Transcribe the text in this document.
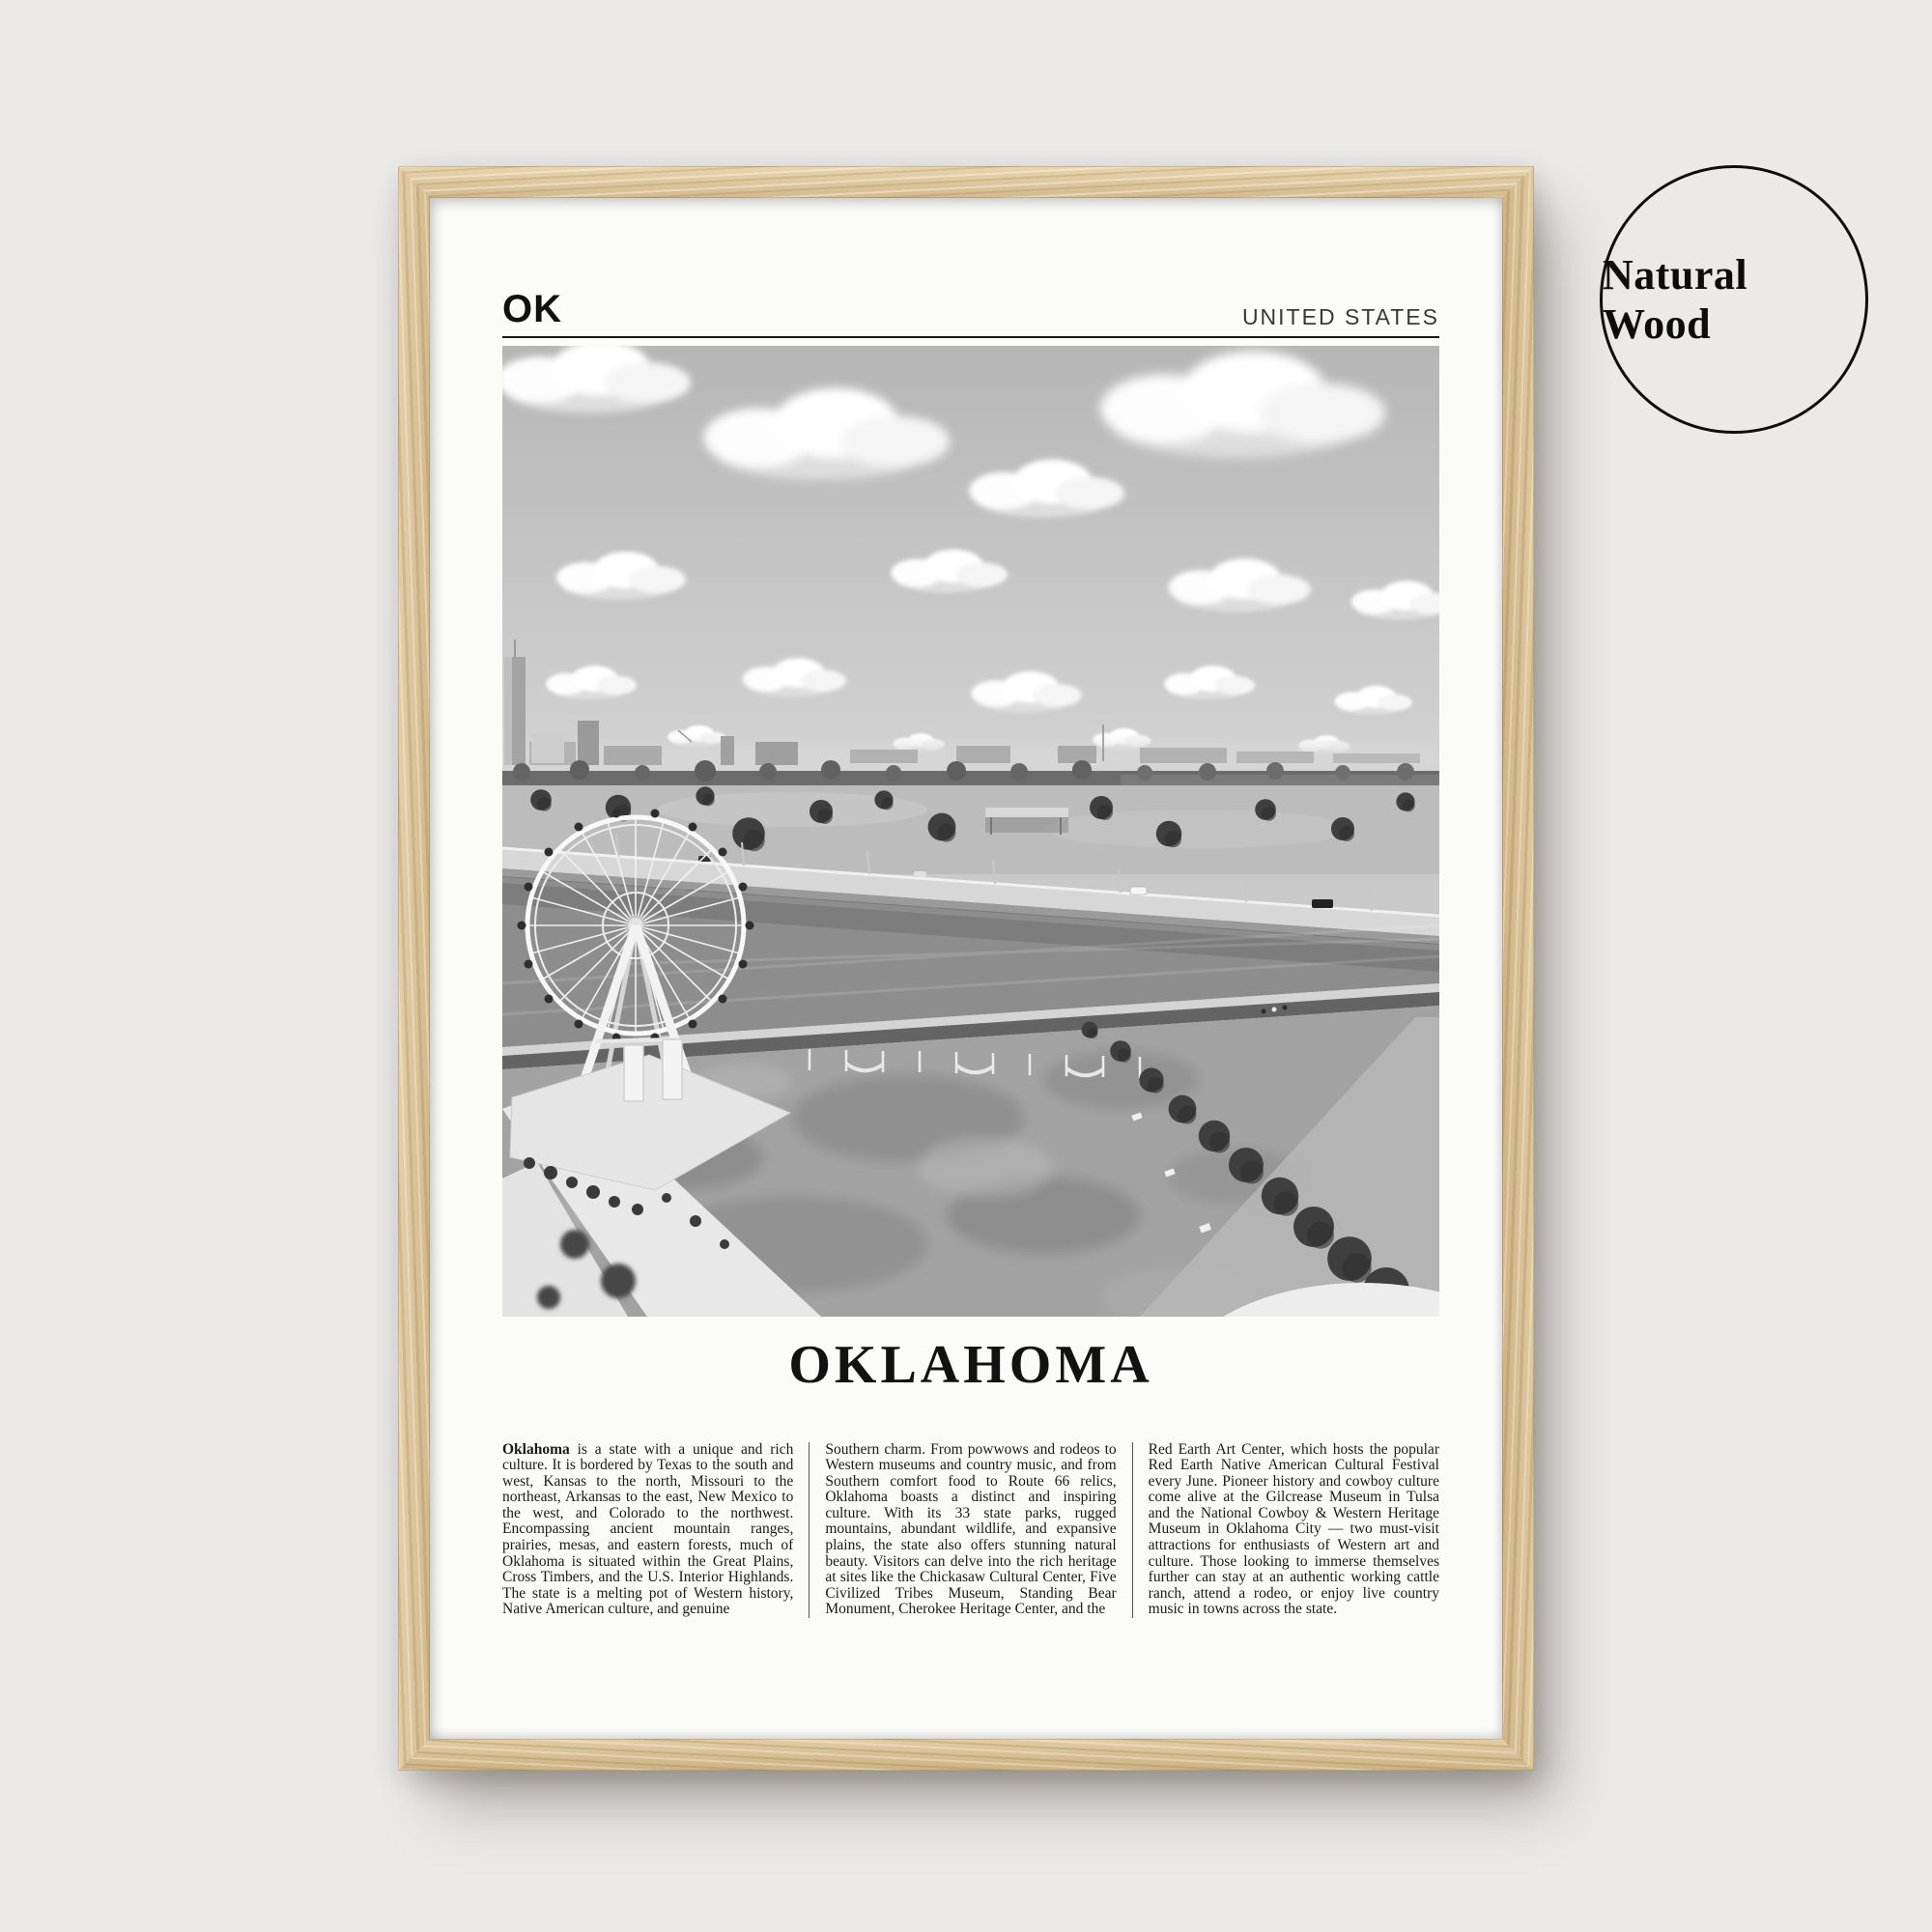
OK	UNITED STATES
OKLAHOMA

Oklahoma is a state with a unique and rich culture. It is bordered by Texas to the south and west, Kansas to the north, Missouri to the northeast, Arkansas to the east, New Mexico to the west, and Colorado to the northwest. Encompassing ancient mountain ranges, prairies, mesas, and eastern forests, much of Oklahoma is situated within the Great Plains, Cross Timbers, and the U.S. Interior Highlands. The state is a melting pot of Western history, Native American culture, and genuine

Southern charm. From powwows and rodeos to Western museums and country music, and from Southern comfort food to Route 66 relics, Oklahoma boasts a distinct and inspiring culture. With its 33 state parks, rugged mountains, abundant wildlife, and expansive plains, the state also offers stunning natural beauty. Visitors can delve into the rich heritage at sites like the Chickasaw Cultural Center, Five Civilized Tribes Museum, Standing Bear Monument, Cherokee Heritage Center, and the

Red Earth Art Center, which hosts the popular Red Earth Native American Cultural Festival every June. Pioneer history and cowboy culture come alive at the Gilcrease Museum in Tulsa and the National Cowboy & Western Heritage Museum in Oklahoma City — two must-visit attractions for enthusiasts of Western art and culture. Those looking to immerse themselves further can stay at an authentic working cattle ranch, attend a rodeo, or enjoy live country music in towns across the state.

Natural Wood
